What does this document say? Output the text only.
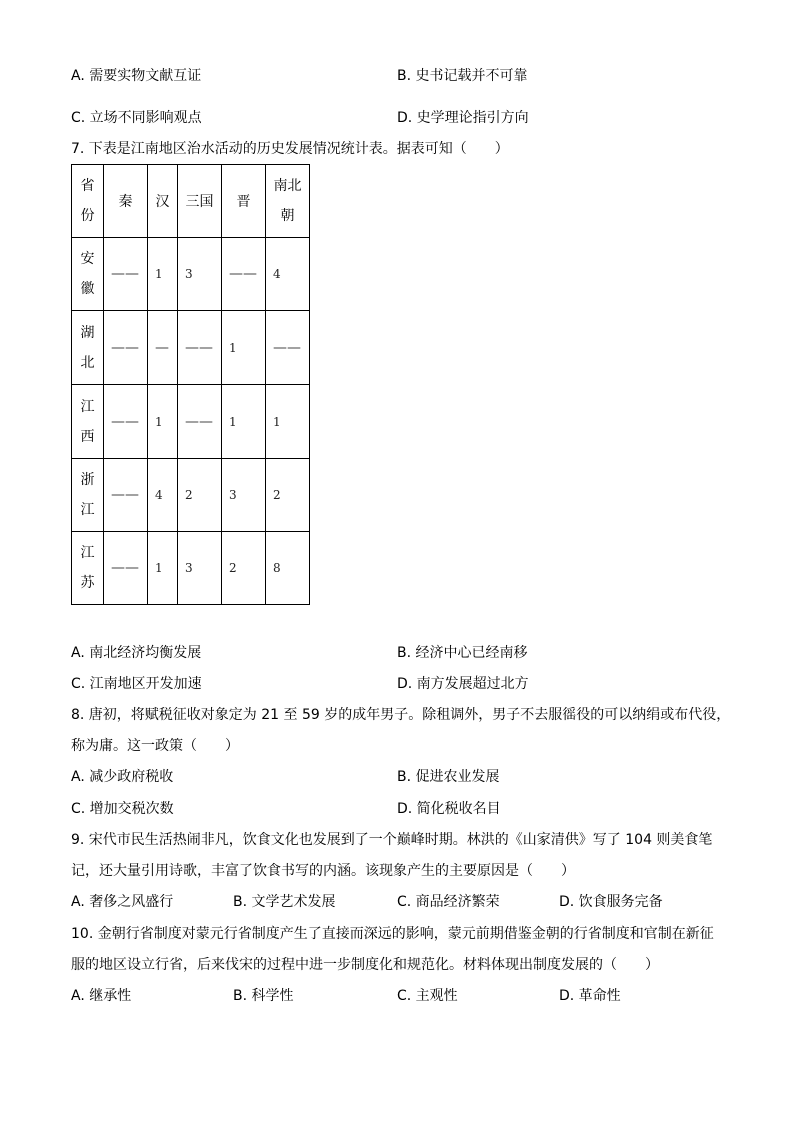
A. 需要实物文献互证	B. 史书记载并不可靠
C. 立场不同影响观点	D. 史学理论指引方向
7. 下表是江南地区治水活动的历史发展情况统计表。据表可知（　　）
省份	秦	汉	三国	晋	南北朝
安徽	——	1	3	——	4
湖北	——	—	——	1	——
江西	——	1	——	1	1
浙江	——	4	2	3	2
江苏	——	1	3	2	8
A. 南北经济均衡发展	B. 经济中心已经南移
C. 江南地区开发加速	D. 南方发展超过北方
8. 唐初，将赋税征收对象定为 21 至 59 岁的成年男子。除租调外，男子不去服徭役的可以纳绢或布代役，
称为庸。这一政策（　　）
A. 减少政府税收	B. 促进农业发展
C. 增加交税次数	D. 简化税收名目
9. 宋代市民生活热闹非凡，饮食文化也发展到了一个巅峰时期。林洪的《山家清供》写了 104 则美食笔
记，还大量引用诗歌，丰富了饮食书写的内涵。该现象产生的主要原因是（　　）
A. 奢侈之风盛行	B. 文学艺术发展	C. 商品经济繁荣	D. 饮食服务完备
10. 金朝行省制度对蒙元行省制度产生了直接而深远的影响，蒙元前期借鉴金朝的行省制度和官制在新征
服的地区设立行省，后来伐宋的过程中进一步制度化和规范化。材料体现出制度发展的（　　）
A. 继承性	B. 科学性	C. 主观性	D. 革命性
